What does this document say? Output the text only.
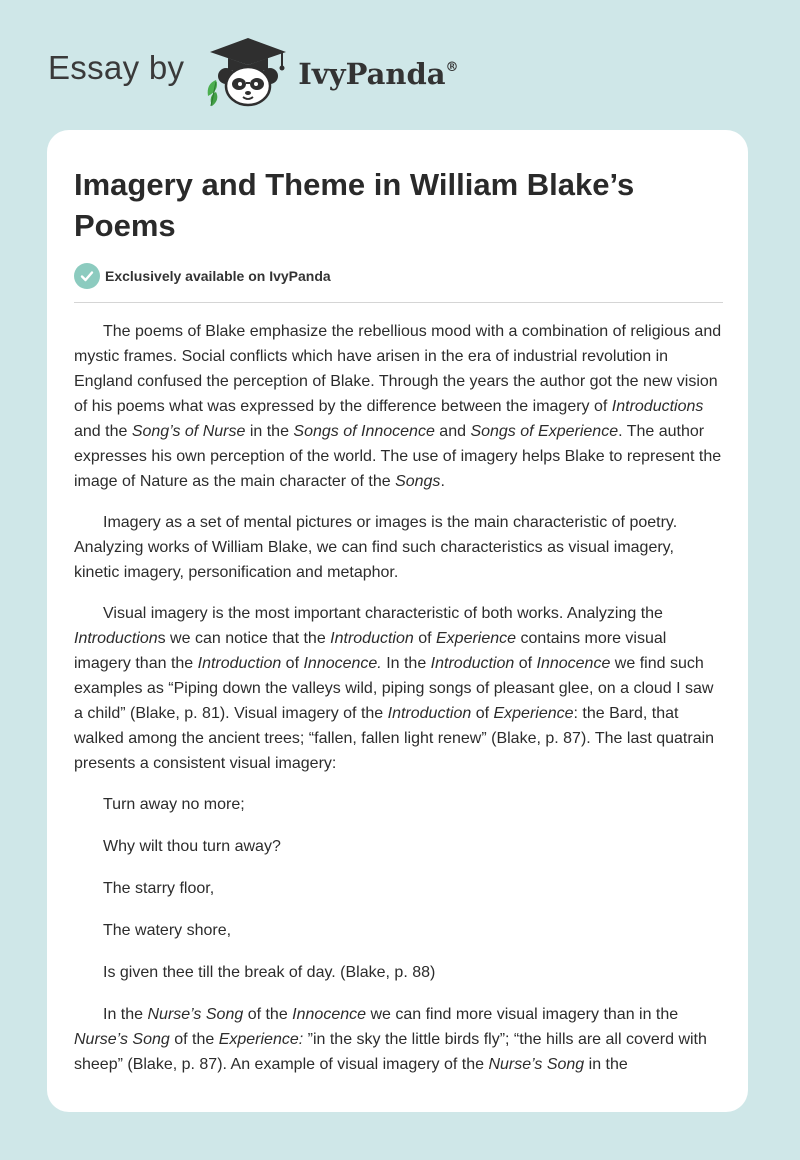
Essay by	IvyPanda®
Imagery and Theme in William Blake’s Poems
Exclusively available on IvyPanda

The poems of Blake emphasize the rebellious mood with a combination of religious and mystic frames. Social conflicts which have arisen in the era of industrial revolution in England confused the perception of Blake. Through the years the author got the new vision of his poems what was expressed by the difference between the imagery of Introductions and the Song’s of Nurse in the Songs of Innocence and Songs of Experience. The author expresses his own perception of the world. The use of imagery helps Blake to represent the image of Nature as the main character of the Songs.

Imagery as a set of mental pictures or images is the main characteristic of poetry. Analyzing works of William Blake, we can find such characteristics as visual imagery, kinetic imagery, personification and metaphor.

Visual imagery is the most important characteristic of both works. Analyzing the Introductions we can notice that the Introduction of Experience contains more visual imagery than the Introduction of Innocence. In the Introduction of Innocence we find such examples as “Piping down the valleys wild, piping songs of pleasant glee, on a cloud I saw a child” (Blake, p. 81). Visual imagery of the Introduction of Experience: the Bard, that walked among the ancient trees; “fallen, fallen light renew” (Blake, p. 87). The last quatrain presents a consistent visual imagery:

Turn away no more;

Why wilt thou turn away?

The starry floor,

The watery shore,

Is given thee till the break of day. (Blake, p. 88)

In the Nurse’s Song of the Innocence we can find more visual imagery than in the Nurse’s Song of the Experience: ”in the sky the little birds fly”; “the hills are all coverd with sheep” (Blake, p. 87). An example of visual imagery of the Nurse’s Song in the
